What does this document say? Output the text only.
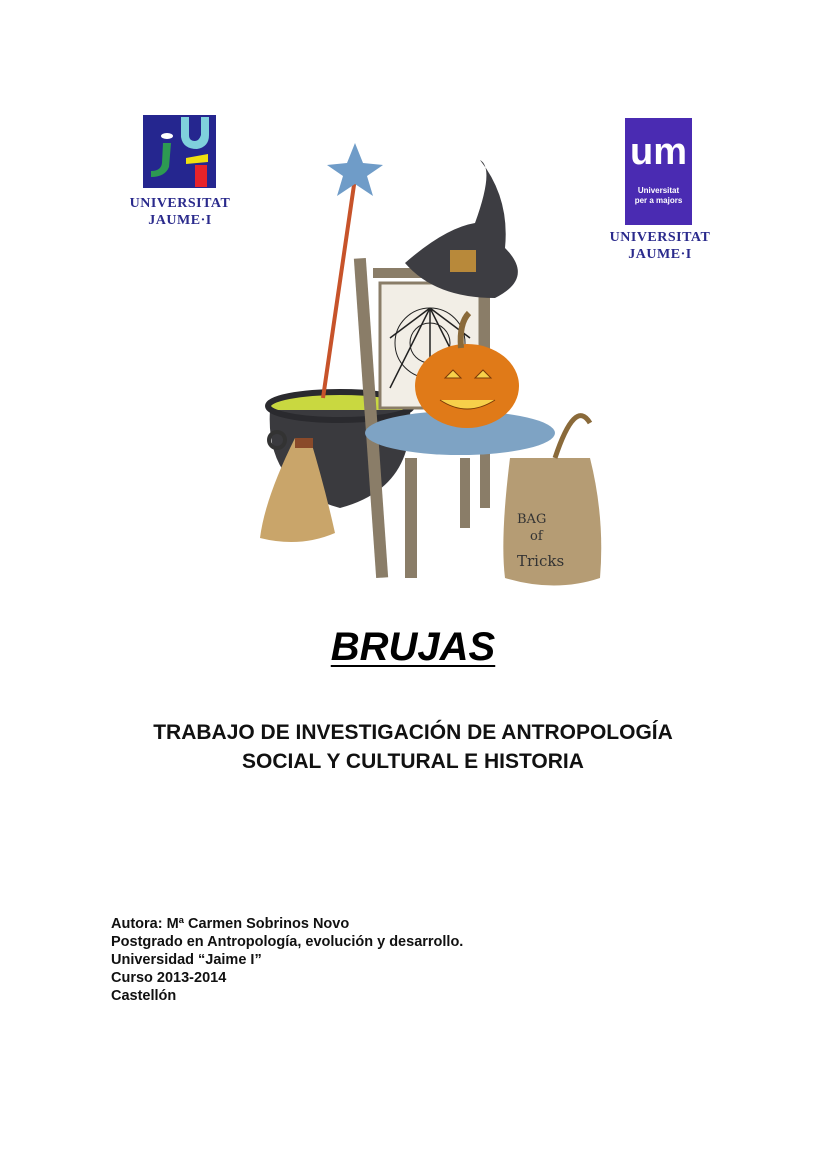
UNIVERSITAT
JAUME·I
um
Universitat
per a majors
UNIVERSITAT
JAUME·I
BAG
of
Tricks
BRUJAS
TRABAJO DE INVESTIGACIÓN DE ANTROPOLOGÍA
SOCIAL Y CULTURAL E HISTORIA
Autora: Mª Carmen Sobrinos Novo
Postgrado en Antropología, evolución y desarrollo.
Universidad “Jaime I”
Curso 2013-2014
Castellón
